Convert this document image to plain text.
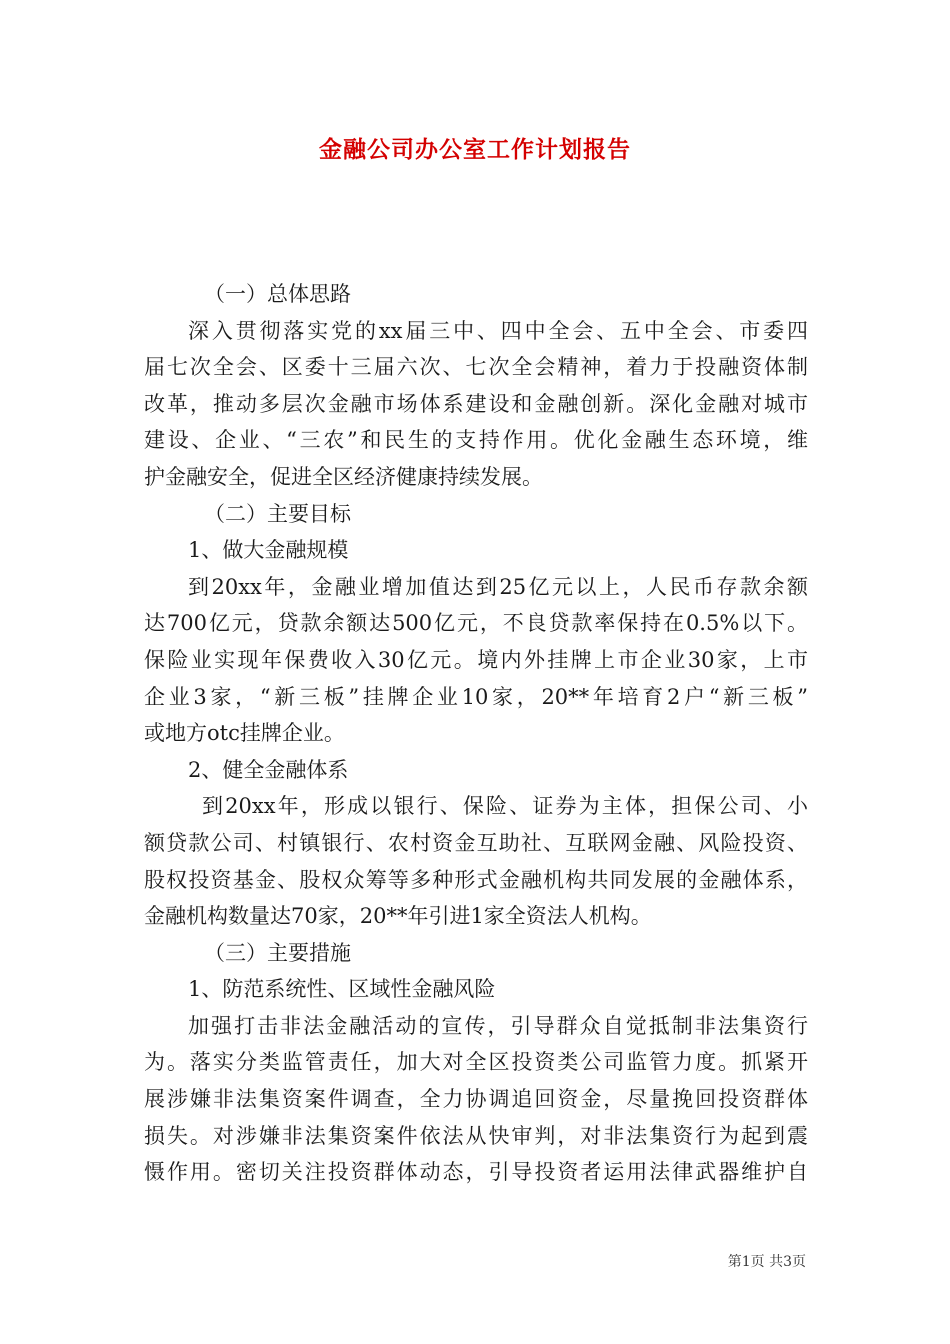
金融公司办公室工作计划报告
（一）总体思路
深入贯彻落实党的xx届三中、四中全会、五中全会、市委四
届七次全会、区委十三届六次、七次全会精神，着力于投融资体制
改革，推动多层次金融市场体系建设和金融创新。深化金融对城市
建设、企业、“三农”和民生的支持作用。优化金融生态环境，维
护金融安全，促进全区经济健康持续发展。
（二）主要目标
1、做大金融规模
到20xx年，金融业增加值达到25亿元以上，人民币存款余额
达700亿元，贷款余额达500亿元，不良贷款率保持在0.5%以下。
保险业实现年保费收入30亿元。境内外挂牌上市企业30家，上市
企业3家，“新三板”挂牌企业10家，20**年培育2户“新三板”
或地方otc挂牌企业。
2、健全金融体系
到20xx年，形成以银行、保险、证券为主体，担保公司、小
额贷款公司、村镇银行、农村资金互助社、互联网金融、风险投资、
股权投资基金、股权众筹等多种形式金融机构共同发展的金融体系，
金融机构数量达70家，20**年引进1家全资法人机构。
（三）主要措施
1、防范系统性、区域性金融风险
加强打击非法金融活动的宣传，引导群众自觉抵制非法集资行
为。落实分类监管责任，加大对全区投资类公司监管力度。抓紧开
展涉嫌非法集资案件调查，全力协调追回资金，尽量挽回投资群体
损失。对涉嫌非法集资案件依法从快审判，对非法集资行为起到震
慑作用。密切关注投资群体动态，引导投资者运用法律武器维护自
第1页 共3页
